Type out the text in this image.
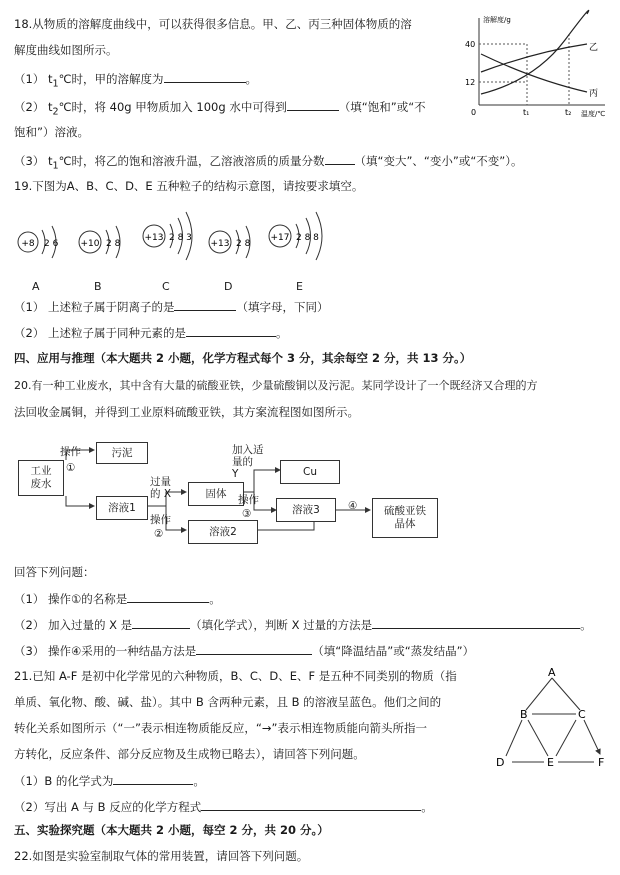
18.从物质的溶解度曲线中，可以获得很多信息。甲、乙、丙三种固体物质的溶
解度曲线如图所示。
（1） $t_1℃$时，甲的溶解度为	。
（2） $t_2℃$时，将 40g 甲物质加入 100g 水中可得到	（填“饱和”或“不
饱和”）溶液。
（3） $t_1℃$时，将乙的饱和溶液升温，乙溶液溶质的质量分数	（填“变大”、“变小”或“不变”）。
溶解度/g
40
12
0	t₁	t₂
乙
丙
温度/℃
19.下图为A、B、C、D、E 五种粒子的结构示意图，请按要求填空。
+8 2 6 +10 2 8
+13 2 8 3
+13 2 8
+17 2 8 8
A	B	C	D	E
（1） 上述粒子属于阴离子的是	（填字母，下同）
（2） 上述粒子属于同种元素的是	。
四、应用与推理（本大题共 2 小题，化学方程式每个 3 分，其余每空 2 分，共 13 分。）
20.有一种工业废水，其中含有大量的硫酸亚铁，少量硫酸铜以及污泥。某同学设计了一个既经济又合理的方
法回收金属铜，并得到工业原料硫酸亚铁，其方案流程图如图所示。
工业
废水
操作
①
污泥
溶液1
过量
的 X
操作
②
固体
溶液2
加入适
量的
Y
操作
③
Cu
溶液3	④	硫酸亚铁
晶体
回答下列问题：
（1） 操作①的名称是	。
（2） 加入过量的 X 是	（填化学式），判断 X 过量的方法是	。
（3） 操作④采用的一种结晶方法是	（填“降温结晶”或“蒸发结晶”）
21.已知 A-F 是初中化学常见的六种物质，B、C、D、E、F 是五种不同类别的物质（指
单质、氧化物、酸、碱、盐）。其中 B 含两种元素，且 B 的溶液呈蓝色。他们之间的
转化关系如图所示（“一”表示相连物质能反应，“→”表示相连物质能向箭头所指一
方转化，反应条件、部分反应物及生成物已略去），请回答下列问题。
（1）B 的化学式为	。
（2）写出 A 与 B 反应的化学方程式	。
A
B	C
D	E	F
五、实验探究题（本大题共 2 小题，每空 2 分，共 20 分。）
22.如图是实验室制取气体的常用装置，请回答下列问题。
